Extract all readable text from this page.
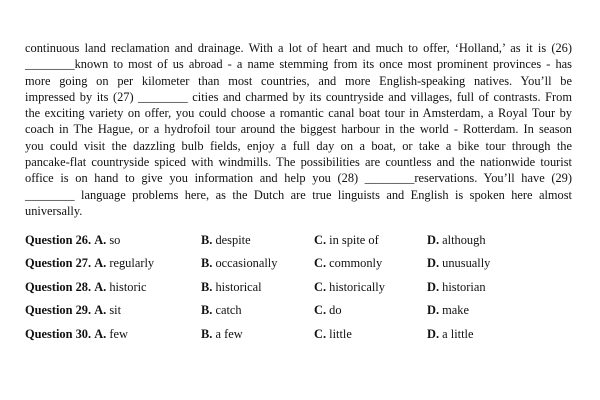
continuous land reclamation and drainage. With a lot of heart and much to offer, ‘Holland,’ as it is (26)
________known to most of us abroad - a name stemming from its once most prominent provinces - has
more going on per kilometer than most countries, and more English-speaking natives. You’ll be
impressed by its (27) ________ cities and charmed by its countryside and villages, full of contrasts. From
the exciting variety on offer, you could choose a romantic canal boat tour in Amsterdam, a Royal Tour by
coach in The Hague, or a hydrofoil tour around the biggest harbour in the world - Rotterdam. In season
you could visit the dazzling bulb fields, enjoy a full day on a boat, or take a bike tour through the
pancake-flat countryside spiced with windmills. The possibilities are countless and the nationwide tourist
office is on hand to give you information and help you (28) ________reservations. You’ll have (29)
________ language problems here, as the Dutch are true linguists and English is spoken here almost
universally.

Question 26. A. so	B. despite	C. in spite of	D. although
Question 27. A. regularly	B. occasionally	C. commonly	D. unusually
Question 28. A. historic	B. historical	C. historically	D. historian
Question 29. A. sit	B. catch	C. do	D. make
Question 30. A. few	B. a few	C. little	D. a little
